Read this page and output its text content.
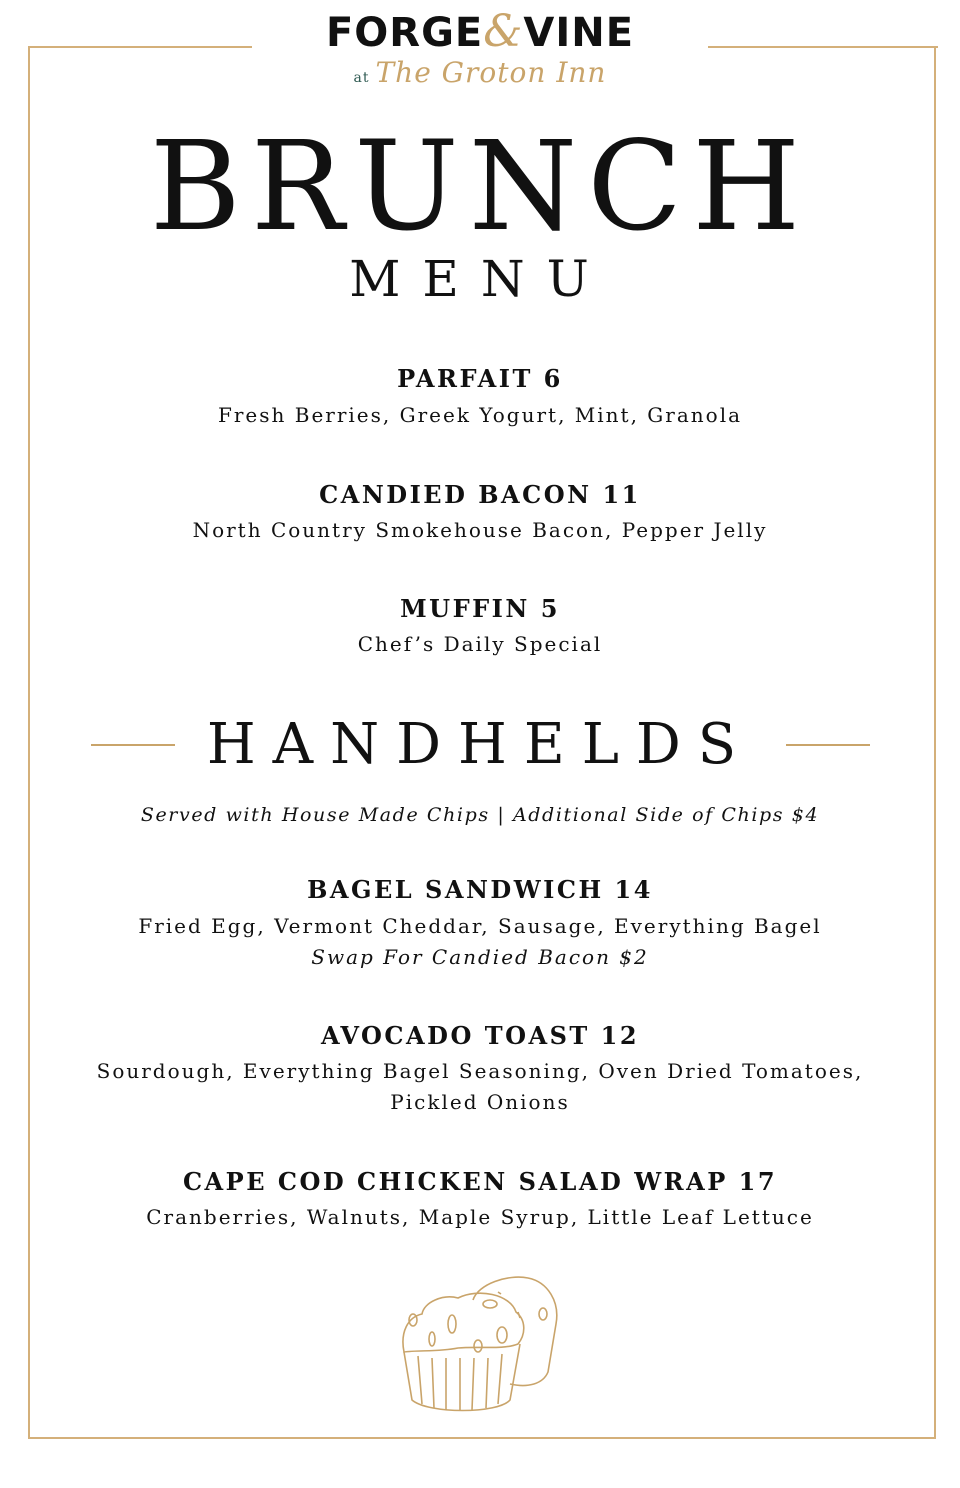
FORGE&VINE
at The Groton Inn
BRUNCH
MENU
PARFAIT 6
Fresh Berries, Greek Yogurt, Mint, Granola
CANDIED BACON 11
North Country Smokehouse Bacon, Pepper Jelly
MUFFIN 5
Chef’s Daily Special
HANDHELDS
Served with House Made Chips | Additional Side of Chips $4
BAGEL SANDWICH 14
Fried Egg, Vermont Cheddar, Sausage, Everything Bagel
Swap For Candied Bacon $2
AVOCADO TOAST 12
Sourdough, Everything Bagel Seasoning, Oven Dried Tomatoes,
Pickled Onions
CAPE COD CHICKEN SALAD WRAP 17
Cranberries, Walnuts, Maple Syrup, Little Leaf Lettuce
